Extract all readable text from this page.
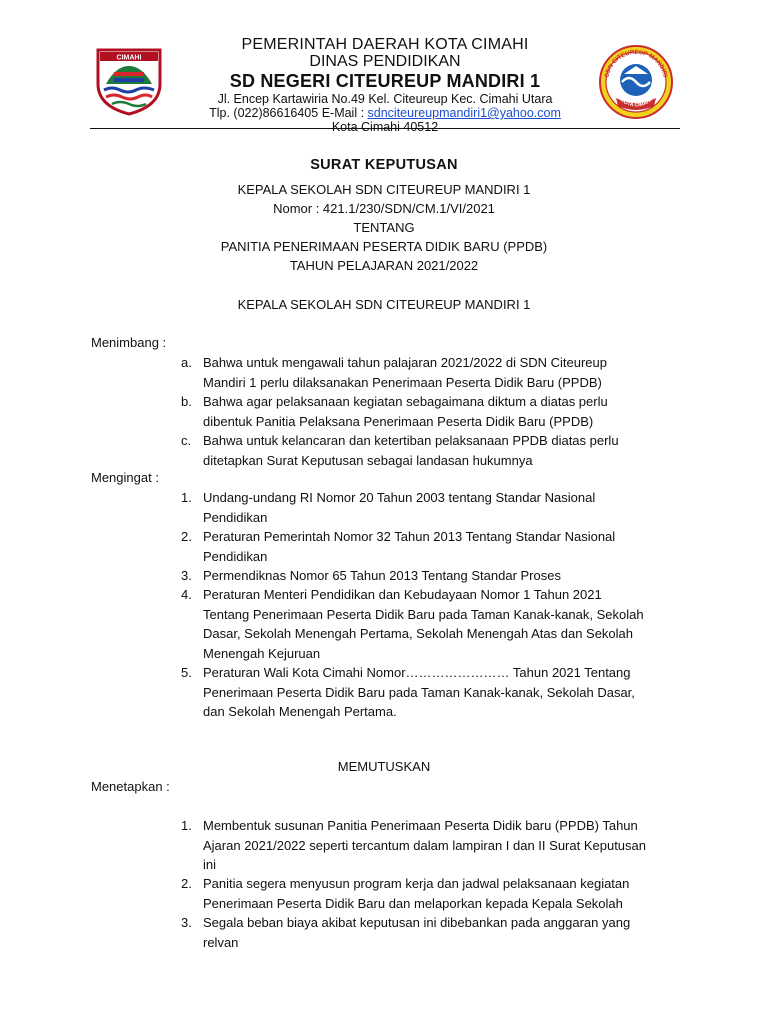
CIMAHI
PEMERINTAH DAERAH KOTA CIMAHI
DINAS PENDIDIKAN
SD NEGERI CITEUREUP MANDIRI 1
Jl. Encep Kartawiria No.49 Kel. Citeureup Kec. Cimahi Utara
Tlp. (022)86616405 E-Mail : sdnciteureupmandiri1@yahoo.com
Kota Cimahi 40512
SDN CITEUREUP MANDIRI
KOTA CIMAHI
SURAT KEPUTUSAN
KEPALA SEKOLAH SDN CITEUREUP MANDIRI 1
Nomor : 421.1/230/SDN/CM.1/VI/2021
TENTANG
PANITIA PENERIMAAN PESERTA DIDIK BARU (PPDB)
TAHUN PELAJARAN 2021/2022
KEPALA SEKOLAH SDN CITEUREUP MANDIRI 1
Menimbang :
a. Bahwa untuk mengawali tahun palajaran 2021/2022 di SDN Citeureup
Mandiri 1 perlu dilaksanakan Penerimaan Peserta Didik Baru (PPDB)
b. Bahwa agar pelaksanaan kegiatan sebagaimana diktum a diatas perlu
dibentuk Panitia Pelaksana Penerimaan Peserta Didik Baru (PPDB)
c. Bahwa untuk kelancaran dan ketertiban pelaksanaan PPDB diatas perlu
ditetapkan Surat Keputusan sebagai landasan hukumnya
Mengingat :
1. Undang-undang RI Nomor 20 Tahun 2003 tentang Standar Nasional
Pendidikan
2. Peraturan Pemerintah Nomor 32 Tahun 2013 Tentang Standar Nasional
Pendidikan
3. Permendiknas Nomor 65 Tahun 2013 Tentang Standar Proses
4. Peraturan Menteri Pendidikan dan Kebudayaan Nomor 1 Tahun 2021
Tentang Penerimaan Peserta Didik Baru pada Taman Kanak-kanak, Sekolah
Dasar, Sekolah Menengah Pertama, Sekolah Menengah Atas dan Sekolah
Menengah Kejuruan
5. Peraturan Wali Kota Cimahi Nomor…………………… Tahun 2021 Tentang
Penerimaan Peserta Didik Baru pada Taman Kanak-kanak, Sekolah Dasar,
dan Sekolah Menengah Pertama.
MEMUTUSKAN
Menetapkan :
1. Membentuk susunan Panitia Penerimaan Peserta Didik baru (PPDB) Tahun
Ajaran 2021/2022 seperti tercantum dalam lampiran I dan II Surat Keputusan
ini
2. Panitia segera menyusun program kerja dan jadwal pelaksanaan kegiatan
Penerimaan Peserta Didik Baru dan melaporkan kepada Kepala Sekolah
3. Segala beban biaya akibat keputusan ini dibebankan pada anggaran yang
relvan
